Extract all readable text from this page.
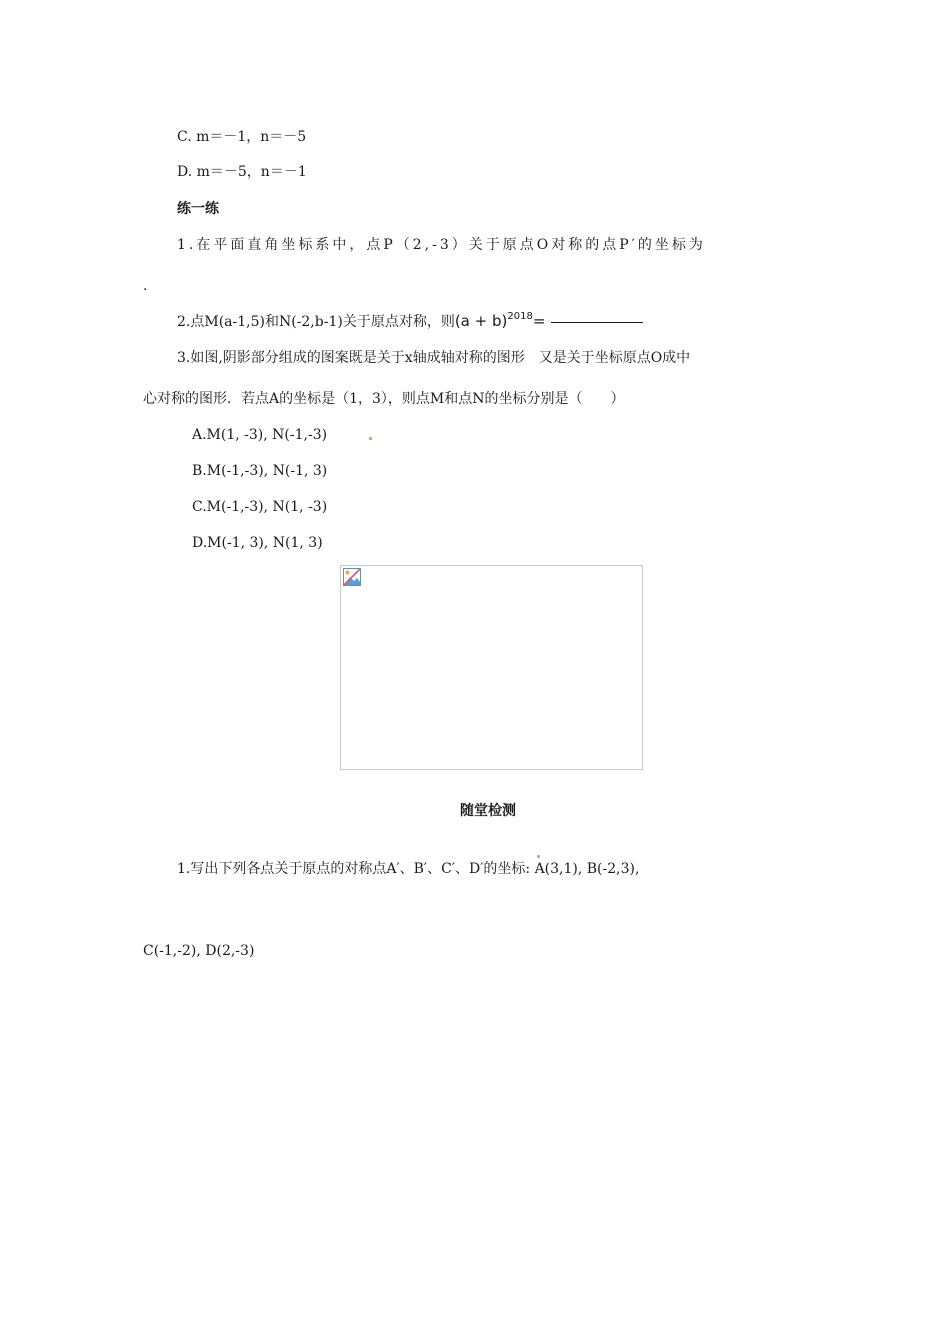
C. m＝－1，n＝－5
D. m＝－5，n＝－1
练一练
1.在平面直角坐标系中，点P（2,-3）关于原点O对称的点P′的坐标为
.
2.点M(a-1,5)和N(-2,b-1)关于原点对称，则$(a + b)^{2018}=$
3.如图,阴影部分组成的图案既是关于x轴成轴对称的图形　又是关于坐标原点O成中
心对称的图形．若点A的坐标是（1，3），则点M和点N的坐标分别是（　　）
A.M(1, -3), N(-1,-3)
B.M(-1,-3), N(-1, 3)
C.M(-1,-3), N(1, -3)
D.M(-1, 3), N(1, 3)
随堂检测
1.写出下列各点关于原点的对称点A′、B′、C′、D′的坐标: A(3,1), B(-2,3),
C(-1,-2), D(2,-3)
